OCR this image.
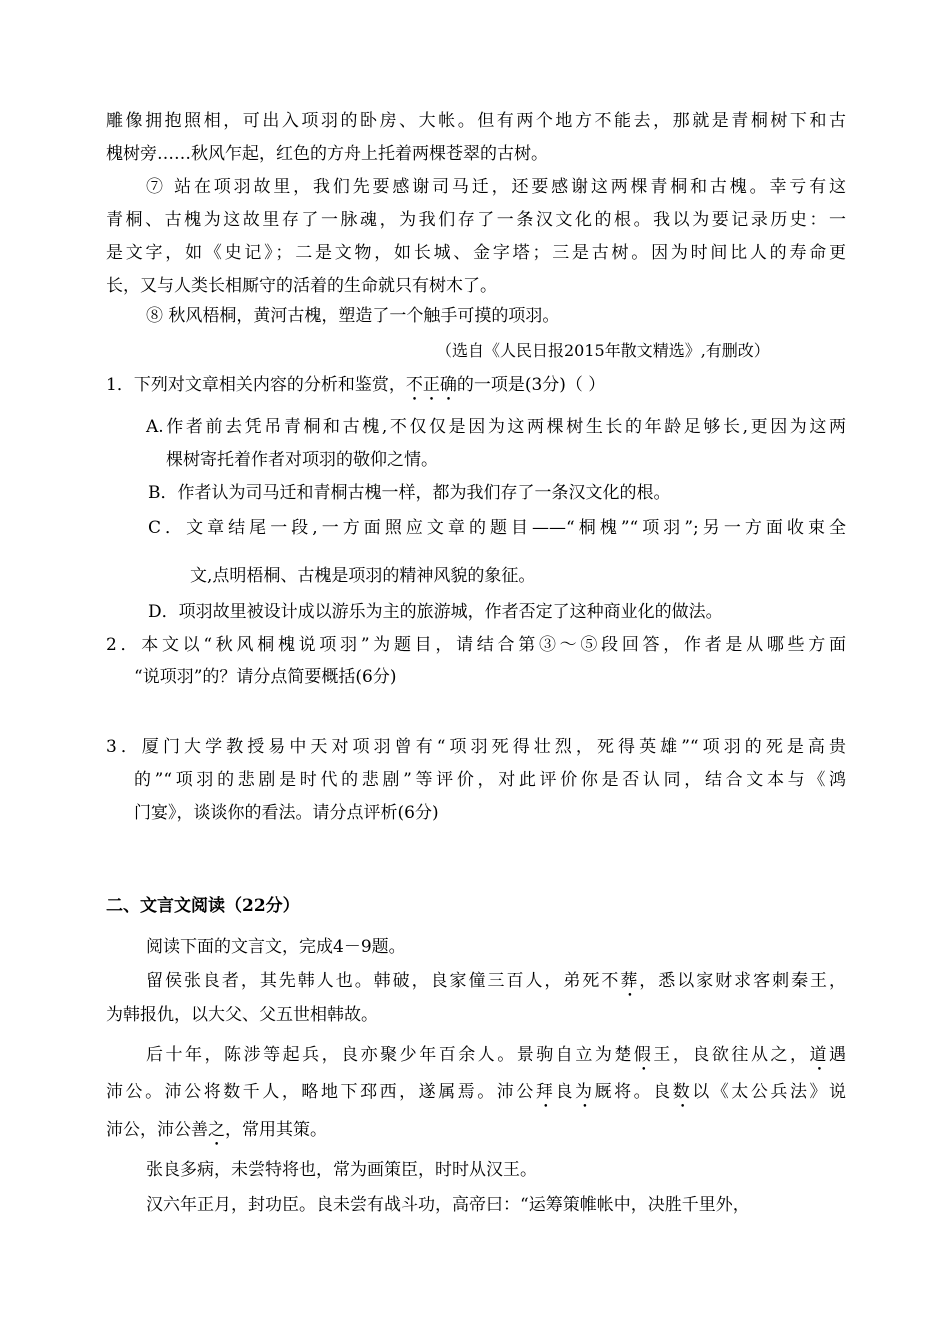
雕像拥抱照相，可出入项羽的卧房、大帐。但有两个地方不能去，那就是青桐树下和古
槐树旁……秋风乍起，红色的方舟上托着两棵苍翠的古树。
⑦ 站在项羽故里，我们先要感谢司马迁，还要感谢这两棵青桐和古槐。幸亏有这
青桐、古槐为这故里存了一脉魂，为我们存了一条汉文化的根。我以为要记录历史：一
是文字，如《史记》；二是文物，如长城、金字塔；三是古树。因为时间比人的寿命更
长，又与人类长相厮守的活着的生命就只有树木了。
⑧ 秋风梧桐，黄河古槐，塑造了一个触手可摸的项羽。
（选自《人民日报2015年散文精选》,有删改）
1．下列对文章相关内容的分析和鉴赏，不正确的一项是(3分)（ ）
A.作者前去凭吊青桐和古槐,不仅仅是因为这两棵树生长的年龄足够长,更因为这两
棵树寄托着作者对项羽的敬仰之情。
B．作者认为司马迁和青桐古槐一样，都为我们存了一条汉文化的根。
C．文章结尾一段,一方面照应文章的题目——“桐槐”“项羽”;另一方面收束全
文,点明梧桐、古槐是项羽的精神风貌的象征。
D．项羽故里被设计成以游乐为主的旅游城，作者否定了这种商业化的做法。
2．本文以“秋风桐槐说项羽”为题目，请结合第③～⑤段回答，作者是从哪些方面
“说项羽”的？请分点简要概括(6分)
3．厦门大学教授易中天对项羽曾有“项羽死得壮烈，死得英雄”“项羽的死是高贵
的”“项羽的悲剧是时代的悲剧”等评价，对此评价你是否认同，结合文本与《鸿
门宴》，谈谈你的看法。请分点评析(6分)
二、文言文阅读（22分）
阅读下面的文言文，完成4－9题。
留侯张良者，其先韩人也。韩破，良家僮三百人，弟死不葬，悉以家财求客刺秦王，
为韩报仇，以大父、父五世相韩故。
后十年，陈涉等起兵，良亦聚少年百余人。景驹自立为楚假王，良欲往从之，道遇
沛公。沛公将数千人，略地下邳西，遂属焉。沛公拜良为厩将。良数以《太公兵法》说
沛公，沛公善之，常用其策。
张良多病，未尝特将也，常为画策臣，时时从汉王。
汉六年正月，封功臣。良未尝有战斗功，高帝曰：“运筹策帷帐中，决胜千里外，
